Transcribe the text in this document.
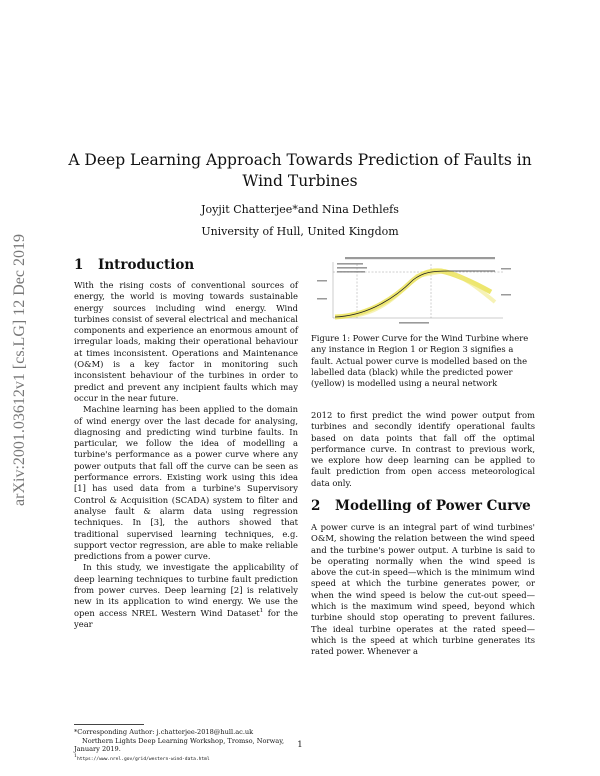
arXiv:2001.03612v1 [cs.LG] 12 Dec 2019
A Deep Learning Approach Towards Prediction of Faults in Wind Turbines
Joyjit Chatterjee*and Nina Dethlefs
University of Hull, United Kingdom
1 Introduction

With the rising costs of conventional sources of energy, the world is moving towards sustainable energy sources including wind energy. Wind turbines consist of several electrical and mechanical components and experience an enormous amount of irregular loads, making their operational behaviour at times inconsistent. Operations and Maintenance (O&M) is a key factor in monitoring such inconsistent behaviour of the turbines in order to predict and prevent any incipient faults which may occur in the near future.

Machine learning has been applied to the domain of wind energy over the last decade for analysing, diagnosing and predicting wind turbine faults. In particular, we follow the idea of modelling a turbine's performance as a power curve where any power outputs that fall off the curve can be seen as performance errors. Existing work using this idea [1] has used data from a turbine's Supervisory Control & Acquisition (SCADA) system to filter and analyse fault & alarm data using regression techniques. In [3], the authors showed that traditional supervised learning techniques, e.g. support vector regression, are able to make reliable predictions from a power curve.

In this study, we investigate the applicability of deep learning techniques to turbine fault prediction from power curves. Deep learning [2] is relatively new in its application to wind energy. We use the open access NREL Western Wind Dataset$^1$ for the year

Figure 1: Power Curve for the Wind Turbine where any instance in Region 1 or Region 3 signifies a fault. Actual power curve is modelled based on the labelled data (black) while the predicted power (yellow) is modelled using a neural network

2012 to first predict the wind power output from turbines and secondly identify operational faults based on data points that fall off the optimal performance curve. In contrast to previous work, we explore how deep learning can be applied to fault prediction from open access meteorological data only.

2 Modelling of Power Curve

A power curve is an integral part of wind turbines' O&M, showing the relation between the wind speed and the turbine's power output. A turbine is said to be operating normally when the wind speed is above the cut-in speed—which is the minimum wind speed at which the turbine generates power, or when the wind speed is below the cut-out speed—which is the maximum wind speed, beyond which turbine should stop operating to prevent failures. The ideal turbine operates at the rated speed—which is the speed at which turbine generates its rated power. Whenever a

*Corresponding Author: j.chatterjee-2018@hull.ac.uk
Northern Lights Deep Learning Workshop, Tromso, Norway, January 2019.
$^1$https://www.nrel.gov/grid/western-wind-data.html
1
